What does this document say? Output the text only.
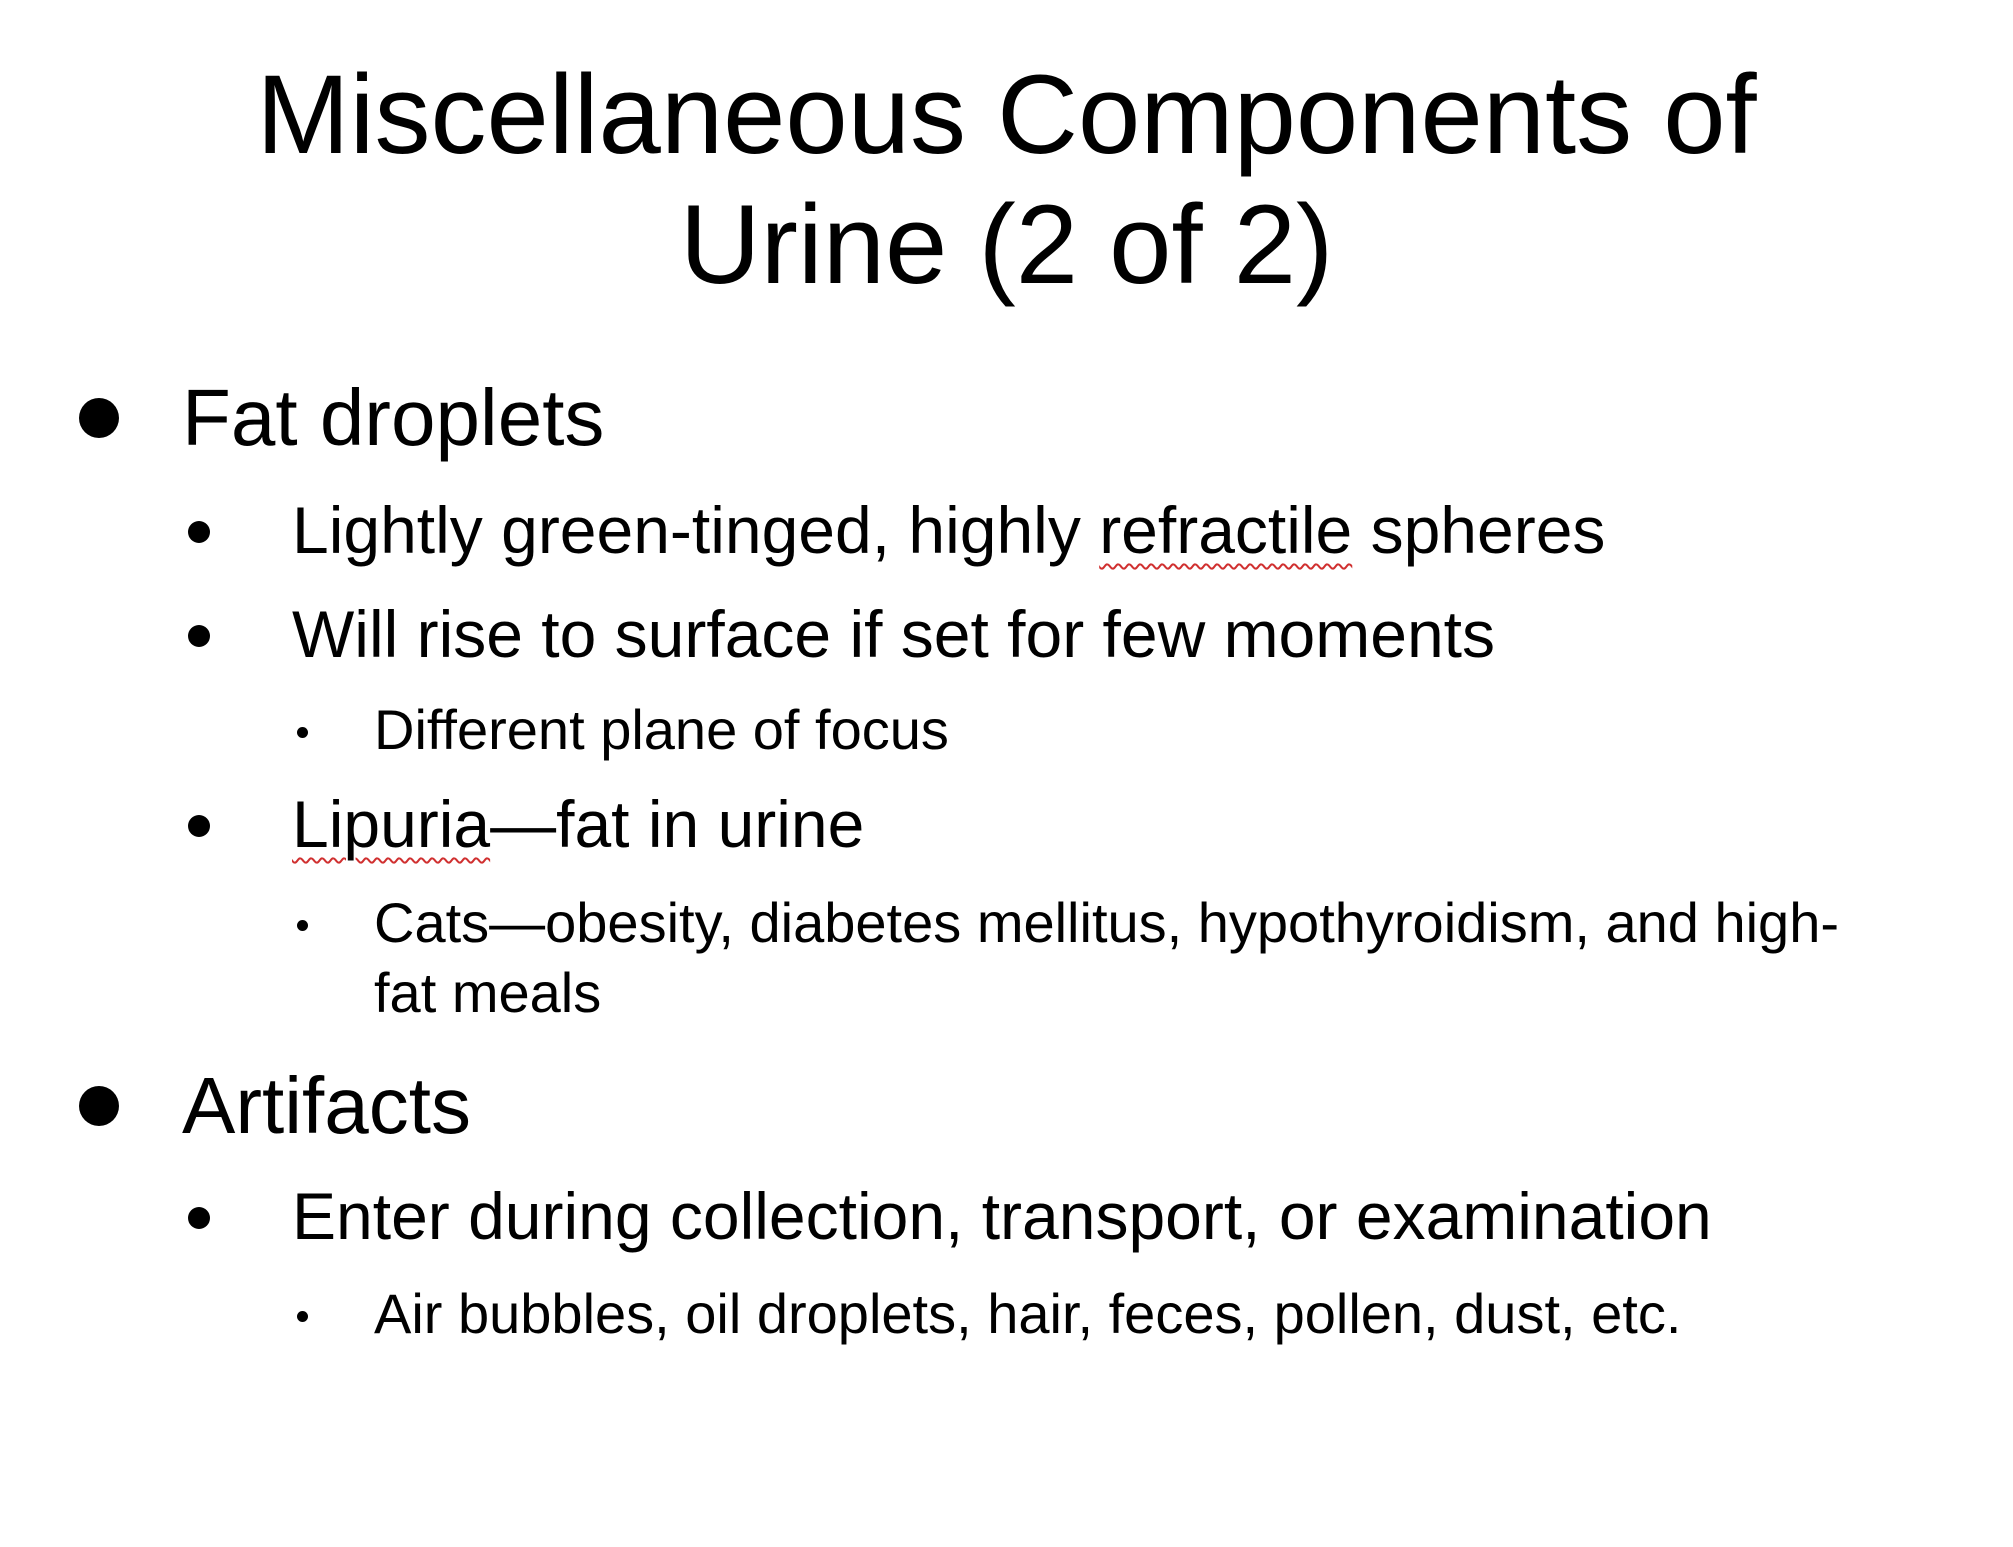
Miscellaneous Components of
Urine (2 of 2)
Fat droplets
Lightly green-tinged, highly refractile spheres
Will rise to surface if set for few moments
Different plane of focus
Lipuria—fat in urine
Cats—obesity, diabetes mellitus, hypothyroidism, and high-
fat meals
Artifacts
Enter during collection, transport, or examination
Air bubbles, oil droplets, hair, feces, pollen, dust, etc.
